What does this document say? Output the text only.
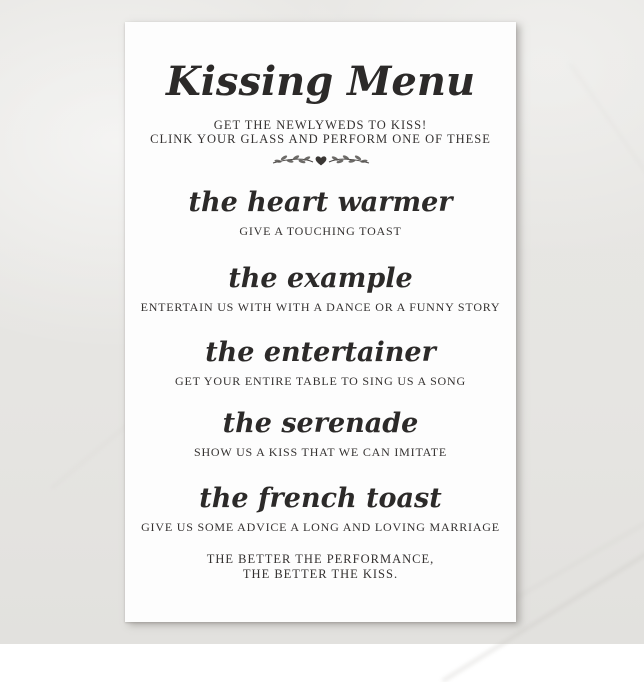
Kissing Menu
GET THE NEWLYWEDS TO KISS!
CLINK YOUR GLASS AND PERFORM ONE OF THESE
the heart warmer
GIVE A TOUCHING TOAST
the example
ENTERTAIN US WITH WITH A DANCE OR A FUNNY STORY
the entertainer
GET YOUR ENTIRE TABLE TO SING US A SONG
the serenade
SHOW US A KISS THAT WE CAN IMITATE
the french toast
GIVE US SOME ADVICE A LONG AND LOVING MARRIAGE
THE BETTER THE PERFORMANCE,
THE BETTER THE KISS.
